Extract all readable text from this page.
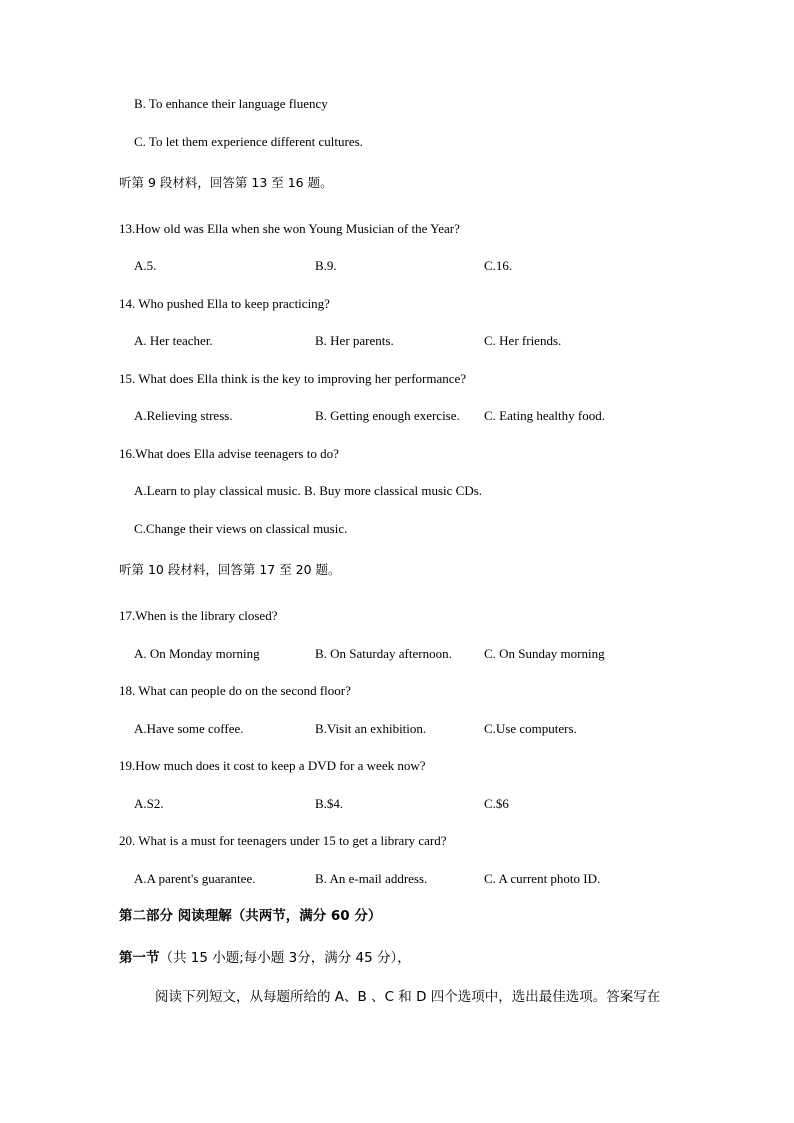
B. To enhance their language fluency
C. To let them experience different cultures.
听第 9 段材料，回答第 13 至 16 题。
13.How old was Ella when she won Young Musician of the Year?
A.5.	B.9.	C.16.
14. Who pushed Ella to keep practicing?
A. Her teacher.	B. Her parents.	C. Her friends.
15. What does Ella think is the key to improving her performance?
A.Relieving stress.	B. Getting enough exercise. C. Eating healthy food.
16.What does Ella advise teenagers to do?
A.Learn to play classical music. B. Buy more classical music CDs.
C.Change their views on classical music.
听第 10 段材料，回答第 17 至 20 题。
17.When is the library closed?
A. On Monday morning	B. On Saturday afternoon. C. On Sunday morning
18. What can people do on the second floor?
A.Have some coffee.	B.Visit an exhibition.	C.Use computers.
19.How much does it cost to keep a DVD for a week now?
A.S2.	B.$4.	C.$6
20. What is a must for teenagers under 15 to get a library card?
A.A parent's guarantee.	B. An e-mail address.	C. A current photo ID.
第二部分 阅读理解（共两节，满分 60 分）
第一节（共 15 小题;每小题 3分，满分 45 分），
阅读下列短文，从每题所给的 A、B 、C 和 D 四个选项中，选出最佳选项。答案写在
